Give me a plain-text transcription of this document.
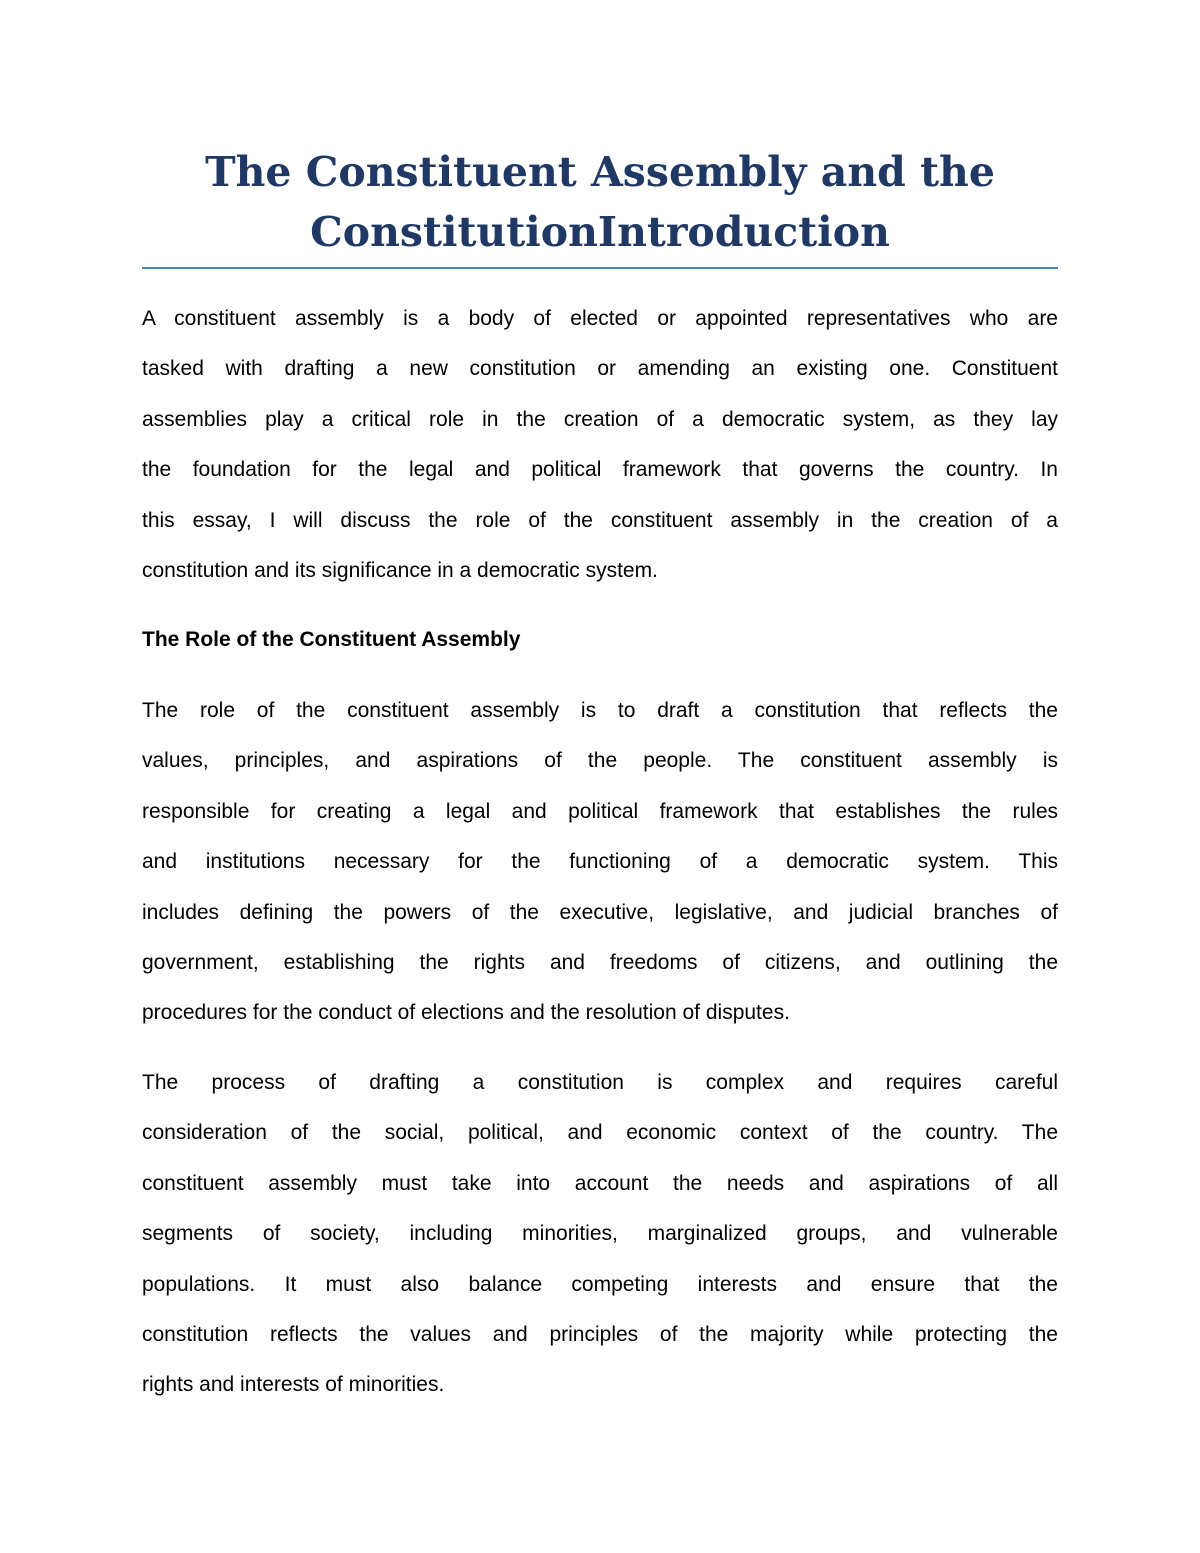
The Constituent Assembly and the
ConstitutionIntroduction
A constituent assembly is a body of elected or appointed representatives who are
tasked with drafting a new constitution or amending an existing one. Constituent
assemblies play a critical role in the creation of a democratic system, as they lay
the foundation for the legal and political framework that governs the country. In
this essay, I will discuss the role of the constituent assembly in the creation of a
constitution and its significance in a democratic system.
The Role of the Constituent Assembly
The role of the constituent assembly is to draft a constitution that reflects the
values, principles, and aspirations of the people. The constituent assembly is
responsible for creating a legal and political framework that establishes the rules
and institutions necessary for the functioning of a democratic system. This
includes defining the powers of the executive, legislative, and judicial branches of
government, establishing the rights and freedoms of citizens, and outlining the
procedures for the conduct of elections and the resolution of disputes.
The process of drafting a constitution is complex and requires careful
consideration of the social, political, and economic context of the country. The
constituent assembly must take into account the needs and aspirations of all
segments of society, including minorities, marginalized groups, and vulnerable
populations. It must also balance competing interests and ensure that the
constitution reflects the values and principles of the majority while protecting the
rights and interests of minorities.
